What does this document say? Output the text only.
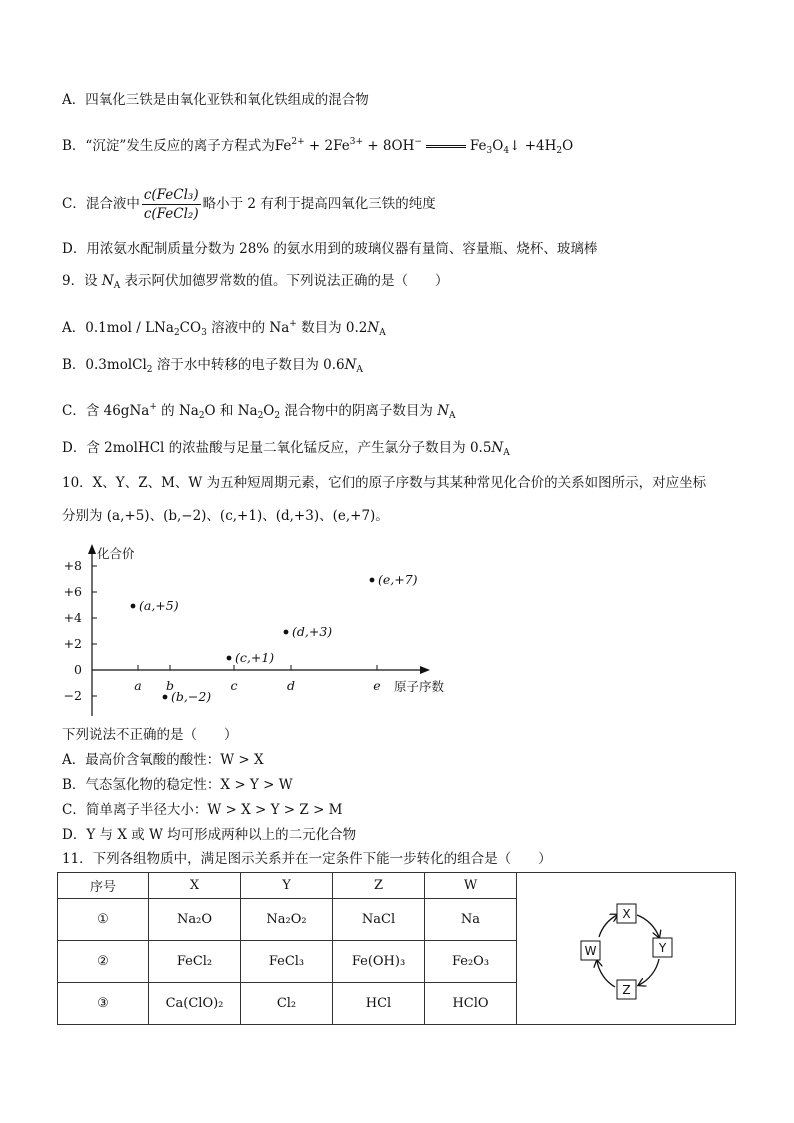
A．四氧化三铁是由氧化亚铁和氧化铁组成的混合物
B．“沉淀”发生反应的离子方程式为$Fe^{2+} + 2Fe^{3+} + 8OH^-$	$Fe_3O_4↓ +4H_2O$
C．混合液中 $\frac{\text{c(FeCl₃)}}{\text{c(FeCl₂)}}$ 略小于 2 有利于提高四氧化三铁的纯度
D．用浓氨水配制质量分数为 28% 的氨水用到的玻璃仪器有量筒、容量瓶、烧杯、玻璃棒
9．设 $N_A$ 表示阿伏加德罗常数的值。下列说法正确的是（　　）
A．$0.1mol / LNa_2CO_3$ 溶液中的 Na+ 数目为 $0.2N_A$
B．0.3molCl$_2$ 溶于水中转移的电子数目为 $0.6N_A$
C．含 46gNa+ 的 $Na_2O$ 和 $Na_2O_2$ 混合物中的阴离子数目为 $N_A$
D．含 2molHCl 的浓盐酸与足量二氧化锰反应，产生氯分子数目为 $0.5N_A$
10．X、Y、Z、M、W 为五种短周期元素，它们的原子序数与其某种常见化合价的关系如图所示，对应坐标
分别为 (a,+5)、(b,−2)、(c,+1)、(d,+3)、(e,+7)。
化合价
原子序数
+8
+6
+4
+2
0
−2
a b	c	d	e
(a,+5)
(b,−2)
(c,+1)
(d,+3)
(e,+7)
下列说法不正确的是（　　）
A．最高价含氧酸的酸性：W > X
B．气态氢化物的稳定性：X > Y > W
C．简单离子半径大小：W > X > Y > Z > M
D．Y 与 X 或 W 均可形成两种以上的二元化合物
11．下列各组物质中，满足图示关系并在一定条件下能一步转化的组合是（　　）
序号	X	Y	Z	W	
①	Na₂O	Na₂O₂	NaCl	Na	
②	FeCl₂	FeCl₃	Fe(OH)₃	Fe₂O₃	
③	Ca(ClO)₂	Cl₂	HCl	HClO	
X
Y
Z
W
